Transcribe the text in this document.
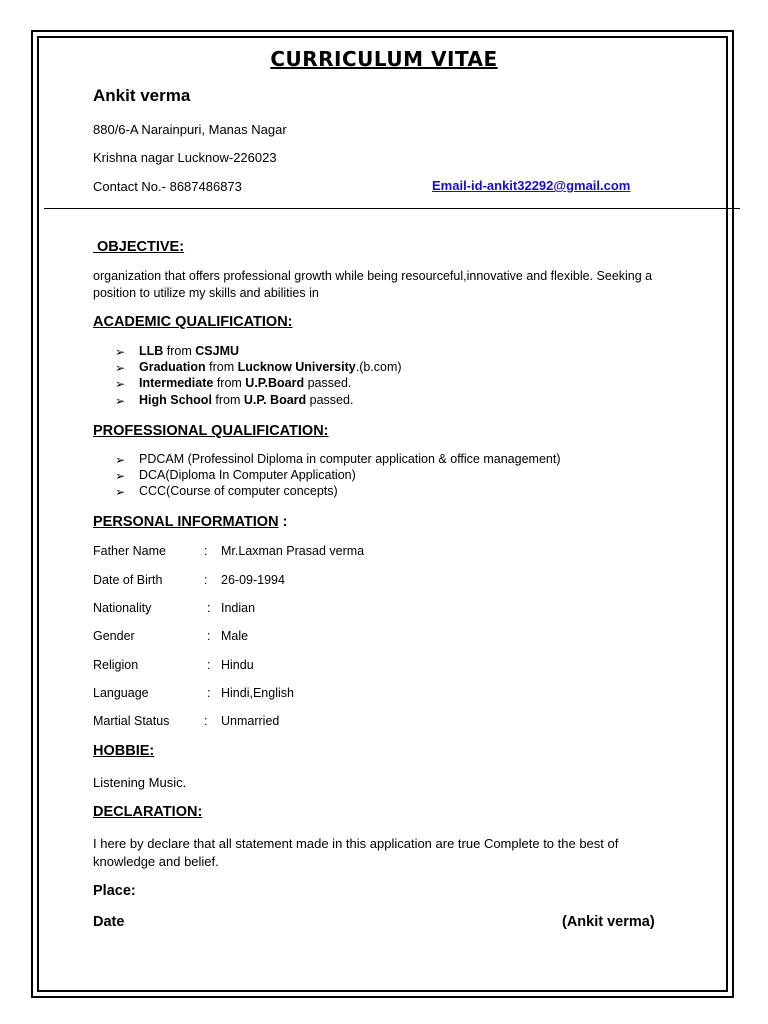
CURRICULUM VITAE
Ankit verma
880/6-A Narainpuri, Manas Nagar
Krishna nagar Lucknow-226023
Contact No.- 8687486873	Email-id-ankit32292@gmail.com
OBJECTIVE:
organization that offers professional growth while being resourceful,innovative and flexible. Seeking a position to utilize my skills and abilities in
ACADEMIC QUALIFICATION:
➢ LLB from CSJMU
➢ Graduation from Lucknow University.(b.com)
➢ Intermediate from U.P.Board passed.
➢ High School from U.P. Board passed.
PROFESSIONAL QUALIFICATION:
➢ PDCAM (Professinol Diploma in computer application & office management)
➢ DCA(Diploma In Computer Application)
➢ CCC(Course of computer concepts)
PERSONAL INFORMATION :
Father Name	: Mr.Laxman Prasad verma
Date of Birth	: 26-09-1994
Nationality	: Indian
Gender	: Male
Religion	: Hindu
Language	: Hindi,English
Martial Status	: Unmarried
HOBBIE:
Listening Music.
DECLARATION:
I here by declare that all statement made in this application are true Complete to the best of knowledge and belief.
Place:
Date	(Ankit verma)
